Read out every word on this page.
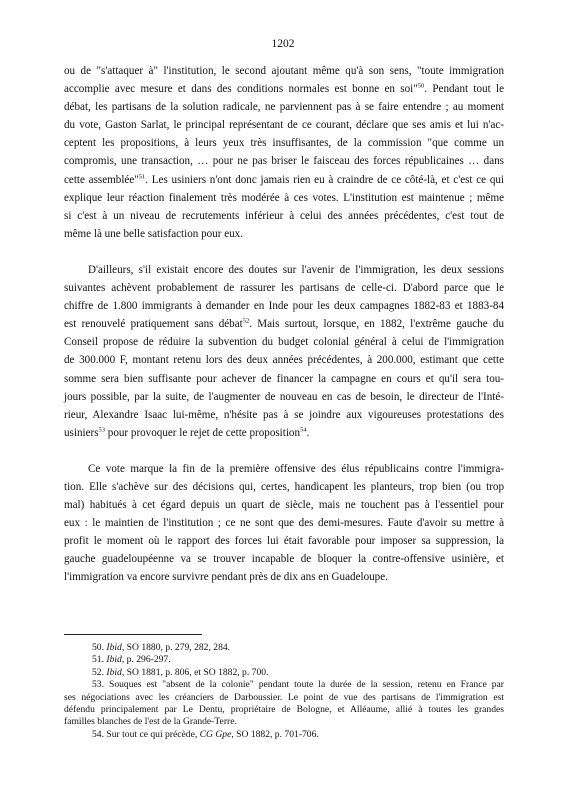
1202
ou de "s'attaquer à" l'institution, le second ajoutant même qu'à son sens, "toute immigration
accomplie avec mesure et dans des conditions normales est bonne en soi"$^{50}$. Pendant tout le
débat, les partisans de la solution radicale, ne parviennent pas à se faire entendre ; au moment
du vote, Gaston Sarlat, le principal représentant de ce courant, déclare que ses amis et lui n'ac-
ceptent les propositions, à leurs yeux très insuffisantes, de la commission "que comme un
compromis, une transaction, … pour ne pas briser le faisceau des forces républicaines … dans
cette assemblée"$^{51}$. Les usiniers n'ont donc jamais rien eu à craindre de ce côté-là, et c'est ce qui
explique leur réaction finalement très modérée à ces votes. L'institution est maintenue ; même
si c'est à un niveau de recrutements inférieur à celui des années précédentes, c'est tout de
même là une belle satisfaction pour eux.
D'ailleurs, s'il existait encore des doutes sur l'avenir de l'immigration, les deux sessions
suivantes achèvent probablement de rassurer les partisans de celle-ci. D'abord parce que le
chiffre de 1.800 immigrants à demander en Inde pour les deux campagnes 1882-83 et 1883-84
est renouvelé pratiquement sans débat$^{52}$. Mais surtout, lorsque, en 1882, l'extrême gauche du
Conseil propose de réduire la subvention du budget colonial général à celui de l'immigration
de 300.000 F, montant retenu lors des deux années précédentes, à 200.000, estimant que cette
somme sera bien suffisante pour achever de financer la campagne en cours et qu'il sera tou-
jours possible, par la suite, de l'augmenter de nouveau en cas de besoin, le directeur de l'Inté-
rieur, Alexandre Isaac lui-même, n'hésite pas à se joindre aux vigoureuses protestations des
usiniers$^{53}$ pour provoquer le rejet de cette proposition$^{54}$.
Ce vote marque la fin de la première offensive des élus républicains contre l'immigra-
tion. Elle s'achève sur des décisions qui, certes, handicapent les planteurs, trop bien (ou trop
mal) habitués à cet égard depuis un quart de siècle, mais ne touchent pas à l'essentiel pour
eux : le maintien de l'institution ; ce ne sont que des demi-mesures. Faute d'avoir su mettre à
profit le moment où le rapport des forces lui était favorable pour imposer sa suppression, la
gauche guadeloupéenne va se trouver incapable de bloquer la contre-offensive usinière, et
l'immigration va encore survivre pendant près de dix ans en Guadeloupe.
50. Ibid, SO 1880, p. 279, 282, 284.
51. Ibid, p. 296-297.
52. Ibid, SO 1881, p. 806, et SO 1882, p. 700.
53. Souques est "absent de la colonie" pendant toute la durée de la session, retenu en France par
ses négociations avec les créanciers de Darboussier. Le point de vue des partisans de l'immigration est
défendu principalement par Le Dentu, propriétaire de Bologne, et Alléaume, allié à toutes les grandes
familles blanches de l'est de la Grande-Terre.
54. Sur tout ce qui précède, CG Gpe, SO 1882, p. 701-706.
